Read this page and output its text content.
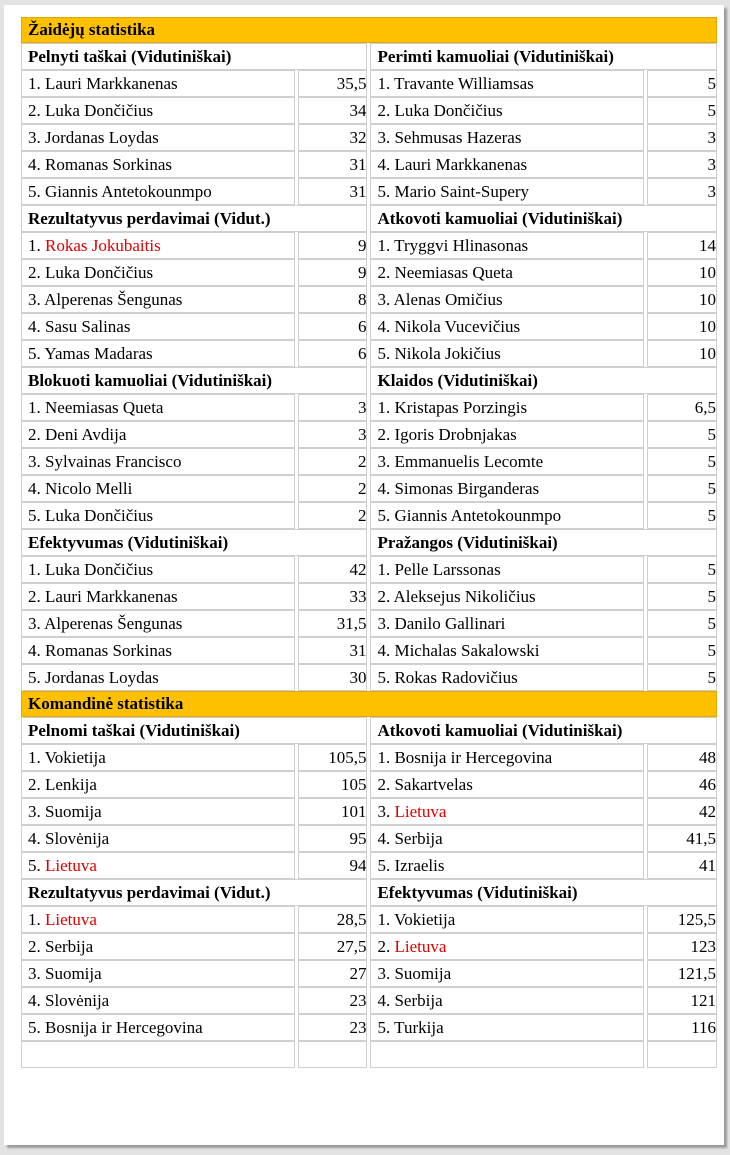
Žaidėjų statistika			
Pelnyti taškai (Vidutiniškai)		Perimti kamuoliai (Vidutiniškai)	
1. Lauri Markkanenas	35,5	1. Travante Williamsas	5
2. Luka Dončičius	34	2. Luka Dončičius	5
3. Jordanas Loydas	32	3. Sehmusas Hazeras	3
4. Romanas Sorkinas	31	4. Lauri Markkanenas	3
5. Giannis Antetokounmpo	31	5. Mario Saint-Supery	3
Rezultatyvus perdavimai (Vidut.)		Atkovoti kamuoliai (Vidutiniškai)	
1. Rokas Jokubaitis	9	1. Tryggvi Hlinasonas	14
2. Luka Dončičius	9	2. Neemiasas Queta	10
3. Alperenas Šengunas	8	3. Alenas Omičius	10
4. Sasu Salinas	6	4. Nikola Vucevičius	10
5. Yamas Madaras	6	5. Nikola Jokičius	10
Blokuoti kamuoliai (Vidutiniškai)		Klaidos (Vidutiniškai)	
1. Neemiasas Queta	3	1. Kristapas Porzingis	6,5
2. Deni Avdija	3	2. Igoris Drobnjakas	5
3. Sylvainas Francisco	2	3. Emmanuelis Lecomte	5
4. Nicolo Melli	2	4. Simonas Birganderas	5
5. Luka Dončičius	2	5. Giannis Antetokounmpo	5
Efektyvumas (Vidutiniškai)		Pražangos (Vidutiniškai)	
1. Luka Dončičius	42	1. Pelle Larssonas	5
2. Lauri Markkanenas	33	2. Aleksejus Nikoličius	5
3. Alperenas Šengunas	31,5	3. Danilo Gallinari	5
4. Romanas Sorkinas	31	4. Michalas Sakalowski	5
5. Jordanas Loydas	30	5. Rokas Radovičius	5
Komandinė statistika			
Pelnomi taškai (Vidutiniškai)		Atkovoti kamuoliai (Vidutiniškai)	
1. Vokietija	105,5	1. Bosnija ir Hercegovina	48
2. Lenkija	105	2. Sakartvelas	46
3. Suomija	101	3. Lietuva	42
4. Slovėnija	95	4. Serbija	41,5
5. Lietuva	94	5. Izraelis	41
Rezultatyvus perdavimai (Vidut.)		Efektyvumas (Vidutiniškai)	
1. Lietuva	28,5	1. Vokietija	125,5
2. Serbija	27,5	2. Lietuva	123
3. Suomija	27	3. Suomija	121,5
4. Slovėnija	23	4. Serbija	121
5. Bosnija ir Hercegovina	23	5. Turkija	116
